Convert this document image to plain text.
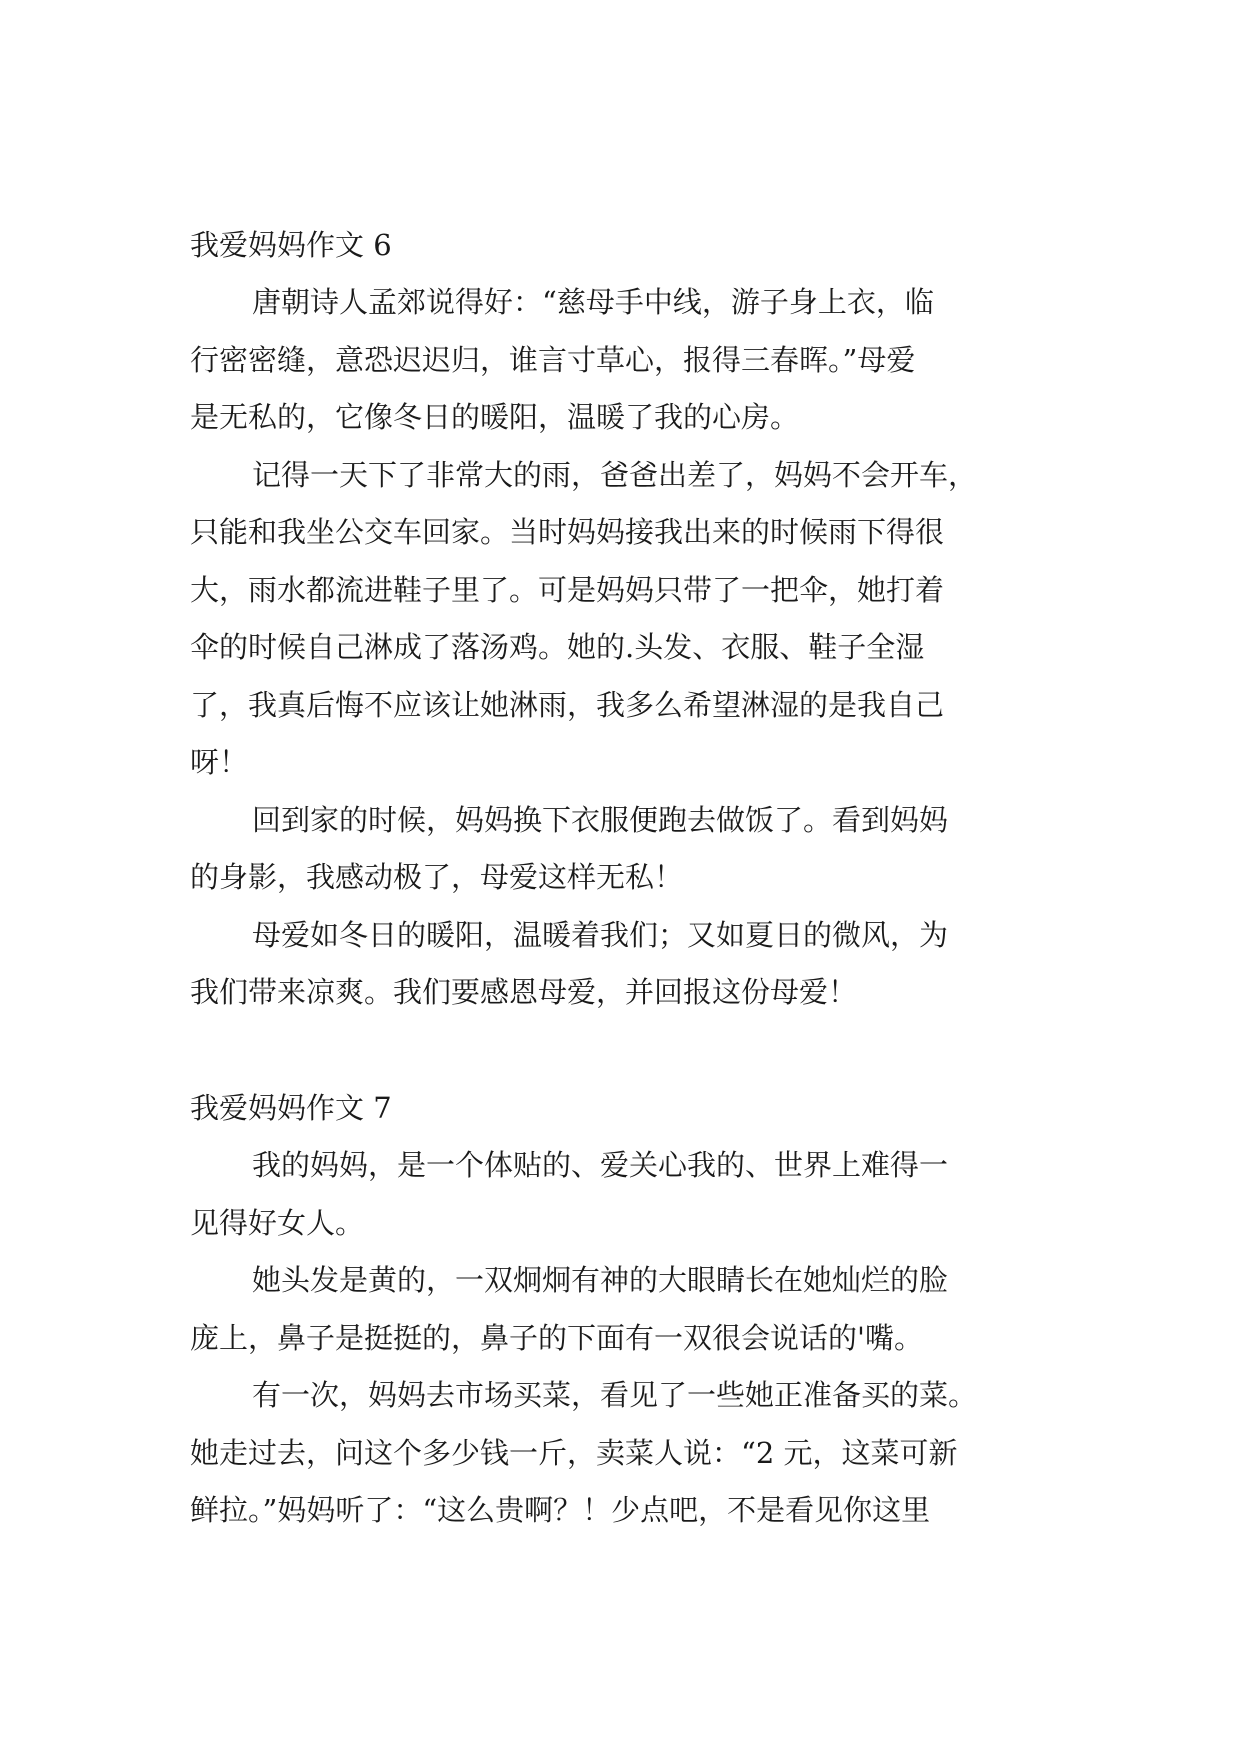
我爱妈妈作文 6
唐朝诗人孟郊说得好：“慈母手中线，游子身上衣，临
行密密缝，意恐迟迟归，谁言寸草心，报得三春晖。”母爱
是无私的，它像冬日的暖阳，温暖了我的心房。
记得一天下了非常大的雨，爸爸出差了，妈妈不会开车，
只能和我坐公交车回家。当时妈妈接我出来的时候雨下得很
大，雨水都流进鞋子里了。可是妈妈只带了一把伞，她打着
伞的时候自己淋成了落汤鸡。她的.头发、衣服、鞋子全湿
了，我真后悔不应该让她淋雨，我多么希望淋湿的是我自己
呀！
回到家的时候，妈妈换下衣服便跑去做饭了。看到妈妈
的身影，我感动极了，母爱这样无私！
母爱如冬日的暖阳，温暖着我们；又如夏日的微风，为
我们带来凉爽。我们要感恩母爱，并回报这份母爱！
我爱妈妈作文 7
我的妈妈，是一个体贴的、爱关心我的、世界上难得一
见得好女人。
她头发是黄的，一双炯炯有神的大眼睛长在她灿烂的脸
庞上，鼻子是挺挺的，鼻子的下面有一双很会说话的'嘴。
有一次，妈妈去市场买菜，看见了一些她正准备买的菜。
她走过去，问这个多少钱一斤，卖菜人说：“2 元，这菜可新
鲜拉。”妈妈听了：“这么贵啊？！少点吧，不是看见你这里
